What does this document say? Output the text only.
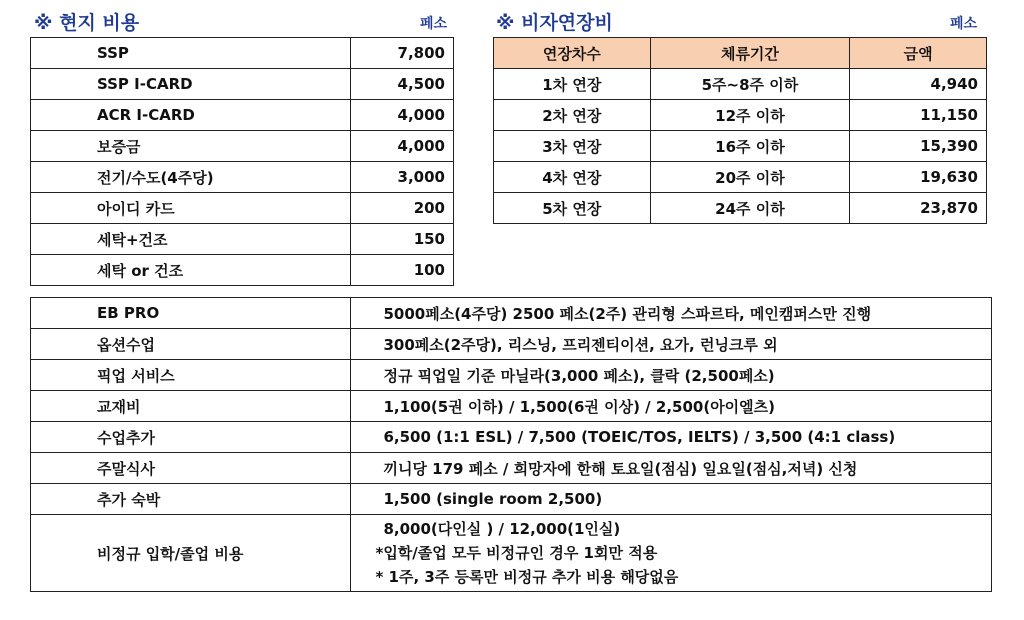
※ 현지 비용	페소	※ 비자연장비	페소
SSP	7,800
SSP I-CARD	4,500
ACR I-CARD	4,000
보증금	4,000
전기/수도(4주당)	3,000
아이디 카드	200
세탁+건조	150
세탁 or 건조	100
연장차수	체류기간	금액
1차 연장	5주~8주 이하	4,940
2차 연장	12주 이하	11,150
3차 연장	16주 이하	15,390
4차 연장	20주 이하	19,630
5차 연장	24주 이하	23,870
EB PRO	5000페소(4주당) 2500 페소(2주) 관리형 스파르타, 메인캠퍼스만 진행
옵션수업	300페소(2주당), 리스닝, 프리젠티이션, 요가, 런닝크루 외
픽업 서비스	정규 픽업일 기준 마닐라(3,000 페소), 클락 (2,500페소)
교재비	1,100(5권 이하) / 1,500(6권 이상) / 2,500(아이엘츠)
수업추가	6,500 (1:1 ESL) / 7,500 (TOEIC/TOS, IELTS) / 3,500 (4:1 class)
주말식사	끼니당 179 페소 / 희망자에 한해 토요일(점심) 일요일(점심,저녁) 신청
추가 숙박	1,500 (single room 2,500)
비정규 입학/졸업 비용	8,000(다인실 ) / 12,000(1인실)
*입학/졸업 모두 비정규인 경우 1회만 적용
* 1주, 3주 등록만 비정규 추가 비용 해당없음
